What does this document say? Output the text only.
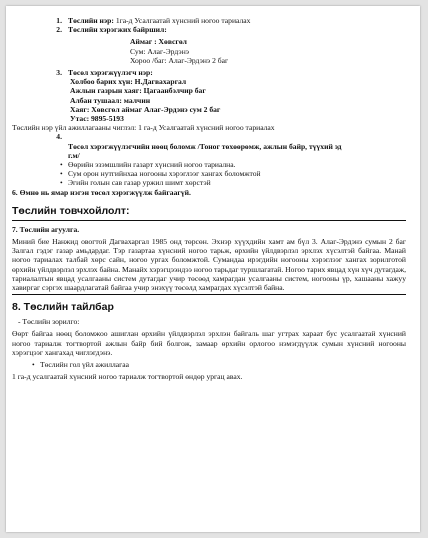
1. Төслийн нэр: 1га-д Усалгаатай хүнсний ногоо тариалах
2. Төслийн хэрэгжих байршил:
Аймаг : Хөвсгөл
Сум: Алаг-Эрдэнэ
Хороо /баг: Алаг-Эрдэнэ 2 баг
3. Төсөл хэрэгжүүлэгч нэр:
Холбоо барих хүн: Н.Дагвахаргал
Ажлын газрын хаяг: Цагаанбэлчир баг
Албан тушаал: малчин
Хаяг: Хөвсгөл аймаг Алаг-Эрдэнэ сум 2 баг
Утас: 9895-5193
Төслийн нэр үйл ажиллагааны чиглэл: 1 га-д Усалгаатай хүнсний ногоо тариалах
4.
Төсөл хэрэгжүүлэгчийн нөөц боломж /Тоног төхөөрөмж, ажлын байр, түүхий эд
г.м/
• Өөрийн эзэмшлийн газарт хүнсний ногоо тариална.
• Сум орон нутгийнхаа ногооны хэрэглээг хангах боломжтой
• Эгийн голын сав газар уржил шимт хөрстэй
6. Өмнө нь ямар нэгэн төсөл хэрэгжүүлж байгаагүй.
Төслийн товчхойлолт:
7. Төслийн агуулга.
Миний бие Нанжид овогтой Дагвахаргал 1985 онд төрсөн. Эхнэр хүүхдийн хамт ам бүл 3. Алаг-Эрдэнэ сумын 2 баг Залгал гэдэг газар амьдардаг. Тэр газартаа хүнсний ногоо тарьж, өрхийн үйлдвэрлэл эрхлэх хүсэлтэй байгаа. Манай ногоо тариалах талбай хөрс сайн, ногоо ургах боломжтой. Сумандаа ирэгдийн ногооны хэрэглээг хангах зорилготой өрхийн үйлдвэрлэл эрхлэх байна. Манайх хэрэгцээндээ ногоо тарьдаг туршлагатай. Ногоо тарих явцад хүн хүч дутагдаж, тариалалтын явцад усалгааны систем дутагдаг учир төсөөд хамрагдан усалгааны систем, ногооны үр, хашааны хажуу хавиргаг сэргэх шаардлагатай байгаа учир энэхүү төсөлд хамрагдах хүсэлтэй байна.
8. Төслийн тайлбар
- Төслийн зорилго:
Өөрт байгаа нөөц боломжоо ашиглан өрхийн үйлдвэрлэл эрхлэн байгаль шаг угтрах хараат бус усалгаатай хүнсний ногоо тариалж тогтвортой ажлын байр бий болгож, замаар өрхийн орлогоо нэмэгдүүлж сумын хүнсний ногооны хэрэгцээг хангахад чиглэгдэнэ.
• Төслийн гол үйл ажиллагаа
1 га-д усалгаатай хүнсний ногоо тариалж тогтвортой өндөр ургац авах.
